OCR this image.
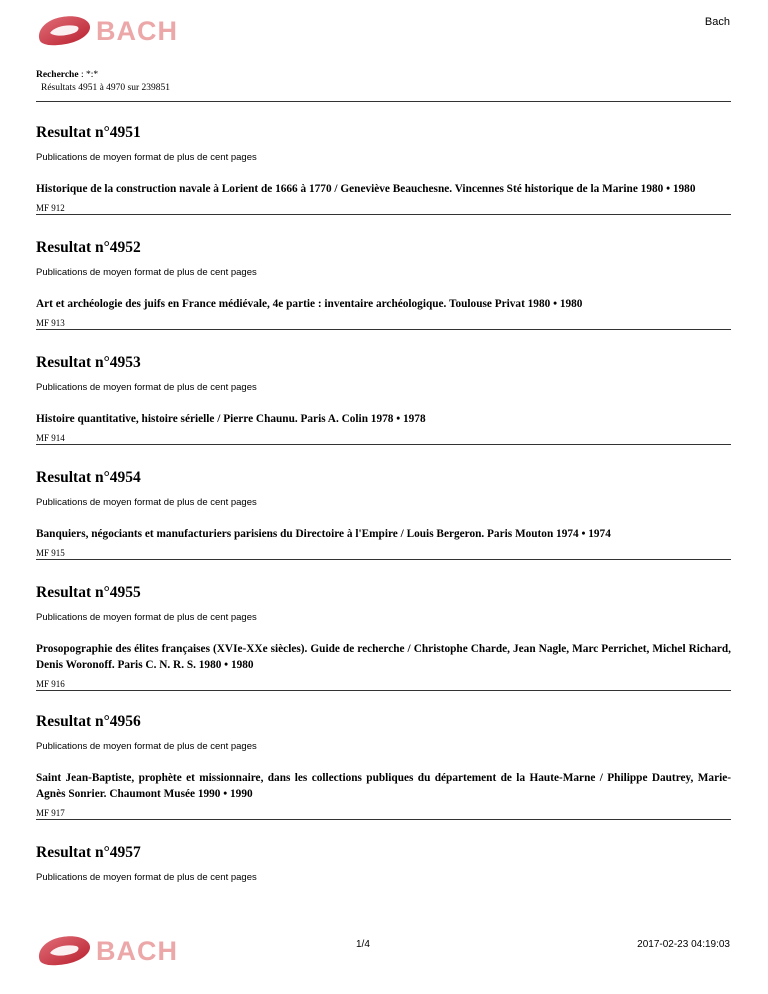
BACH	Bach
Recherche : *:*
Résultats 4951 à 4970 sur 239851
Resultat n°4951
Publications de moyen format de plus de cent pages
Historique de la construction navale à Lorient de 1666 à 1770 / Geneviève Beauchesne. Vincennes Sté historique de la Marine 1980 • 1980
MF 912
Resultat n°4952
Publications de moyen format de plus de cent pages
Art et archéologie des juifs en France médiévale, 4e partie : inventaire archéologique. Toulouse Privat 1980 • 1980
MF 913
Resultat n°4953
Publications de moyen format de plus de cent pages
Histoire quantitative, histoire sérielle / Pierre Chaunu. Paris A. Colin 1978 • 1978
MF 914
Resultat n°4954
Publications de moyen format de plus de cent pages
Banquiers, négociants et manufacturiers parisiens du Directoire à l'Empire / Louis Bergeron. Paris Mouton 1974 • 1974
MF 915
Resultat n°4955
Publications de moyen format de plus de cent pages
Prosopographie des élites françaises (XVIe-XXe siècles). Guide de recherche / Christophe Charde, Jean Nagle, Marc Perrichet, Michel Richard, Denis Woronoff. Paris C. N. R. S. 1980 • 1980
MF 916
Resultat n°4956
Publications de moyen format de plus de cent pages
Saint Jean-Baptiste, prophète et missionnaire, dans les collections publiques du département de la Haute-Marne / Philippe Dautrey, Marie-Agnès Sonrier. Chaumont Musée 1990 • 1990
MF 917
Resultat n°4957
Publications de moyen format de plus de cent pages
BACH	1/4	2017-02-23 04:19:03
